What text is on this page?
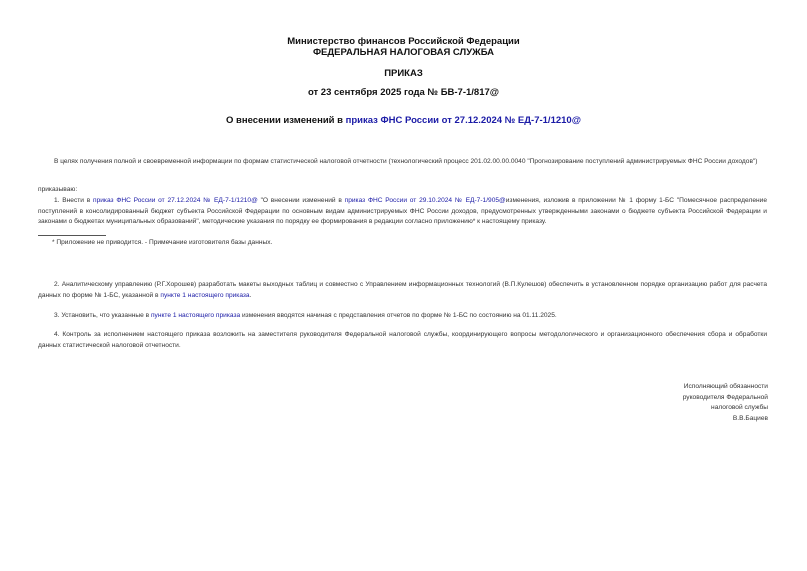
Министерство финансов Российской Федерации
ФЕДЕРАЛЬНАЯ НАЛОГОВАЯ СЛУЖБА
ПРИКАЗ
от 23 сентября 2025 года № БВ-7-1/817@
О внесении изменений в приказ ФНС России от 27.12.2024 № ЕД-7-1/1210@
В целях получения полной и своевременной информации по формам статистической налоговой отчетности (технологический процесс 201.02.00.00.0040 "Прогнозирование поступлений администрируемых ФНС России доходов")
приказываю:
1. Внести в приказ ФНС России от 27.12.2024 № ЕД-7-1/1210@ "О внесении изменений в приказ ФНС России от 29.10.2024 № ЕД-7-1/905@изменения, изложив в приложении № 1 форму 1-БС "Помесячное распределение поступлений в консолидированный бюджет субъекта Российской Федерации по основным видам администрируемых ФНС России доходов, предусмотренных утвержденными законами о бюджете субъекта Российской Федерации и законами о бюджетах муниципальных образований", методические указания по порядку ее формирования в редакции согласно приложению* к настоящему приказу.
* Приложение не приводится. - Примечание изготовителя базы данных.
2. Аналитическому управлению (Р.Г.Хорошев) разработать макеты выходных таблиц и совместно с Управлением информационных технологий (В.П.Кулешов) обеспечить в установленном порядке организацию работ для расчета данных по форме № 1-БС, указанной в пункте 1 настоящего приказа.
3. Установить, что указанные в пункте 1 настоящего приказа изменения вводятся начиная с представления отчетов по форме № 1-БС по состоянию на 01.11.2025.
4. Контроль за исполнением настоящего приказа возложить на заместителя руководителя Федеральной налоговой службы, координирующего вопросы методологического и организационного обеспечения сбора и обработки данных статистической налоговой отчетности.
Исполняющий обязанности
руководителя Федеральной
налоговой службы
В.В.Бациев
